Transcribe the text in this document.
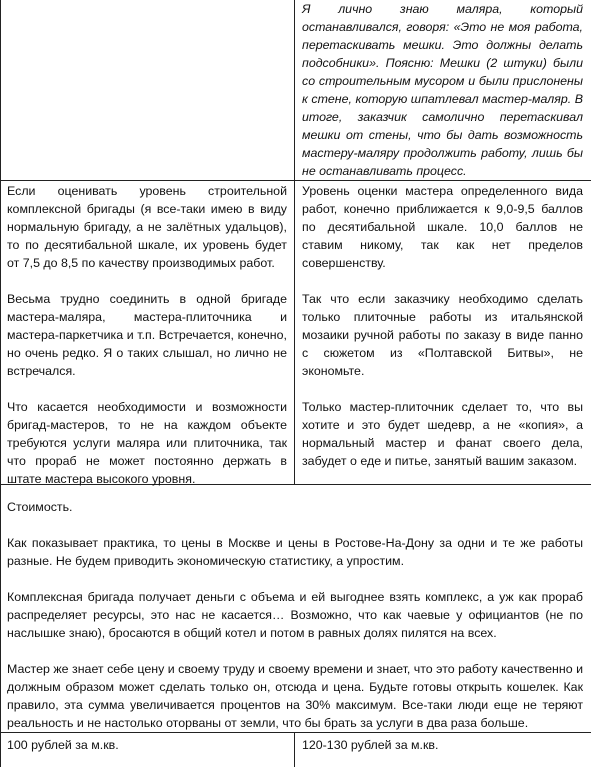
Я лично знаю маляра, который останавливался, говоря: «Это не моя работа, перетаскивать мешки. Это должны делать подсобники». Поясню: Мешки (2 штуки) были со строительным мусором и были прислонены к стене, которую шпатлевал мастер-маляр. В итоге, заказчик самолично перетаскивал мешки от стены, что бы дать возможность мастеру-маляру продолжить работу, лишь бы не останавливать процесс.

Если оценивать уровень строительной комплексной бригады (я все-таки имею в виду нормальную бригаду, а не залётных удальцов), то по десятибальной шкале, их уровень будет от 7,5 до 8,5 по качеству производимых работ.

Весьма трудно соединить в одной бригаде мастера-маляра, мастера-плиточника и мастера-паркетчика и т.п. Встречается, конечно, но очень редко. Я о таких слышал, но лично не встречался.

Что касается необходимости и возможности бригад-мастеров, то не на каждом объекте требуются услуги маляра или плиточника, так что прораб не может постоянно держать в штате мастера высокого уровня.

Уровень оценки мастера определенного вида работ, конечно приближается к 9,0-9,5 баллов по десятибальной шкале. 10,0 баллов не ставим никому, так как нет пределов совершенству.

Так что если заказчику необходимо сделать только плиточные работы из итальянской мозаики ручной работы по заказу в виде панно с сюжетом из «Полтавской Битвы», не экономьте.

Только мастер-плиточник сделает то, что вы хотите и это будет шедевр, а не «копия», а нормальный мастер и фанат своего дела, забудет о еде и питье, занятый вашим заказом.

Стоимость.

Как показывает практика, то цены в Москве и цены в Ростове-На-Дону за одни и те же работы разные. Не будем приводить экономическую статистику, а упростим.

Комплексная бригада получает деньги с объема и ей выгоднее взять комплекс, а уж как прораб распределяет ресурсы, это нас не касается… Возможно, что как чаевые у официантов (не по наслышке знаю), бросаются в общий котел и потом в равных долях пилятся на всех.

Мастер же знает себе цену и своему труду и своему времени и знает, что это работу качественно и должным образом может сделать только он, отсюда и цена. Будьте готовы открыть кошелек. Как правило, эта сумма увеличивается процентов на 30% максимум. Все-таки люди еще не теряют реальность и не настолько оторваны от земли, что бы брать за услуги в два раза больше.

100 рублей за м.кв.	120-130 рублей за м.кв.
